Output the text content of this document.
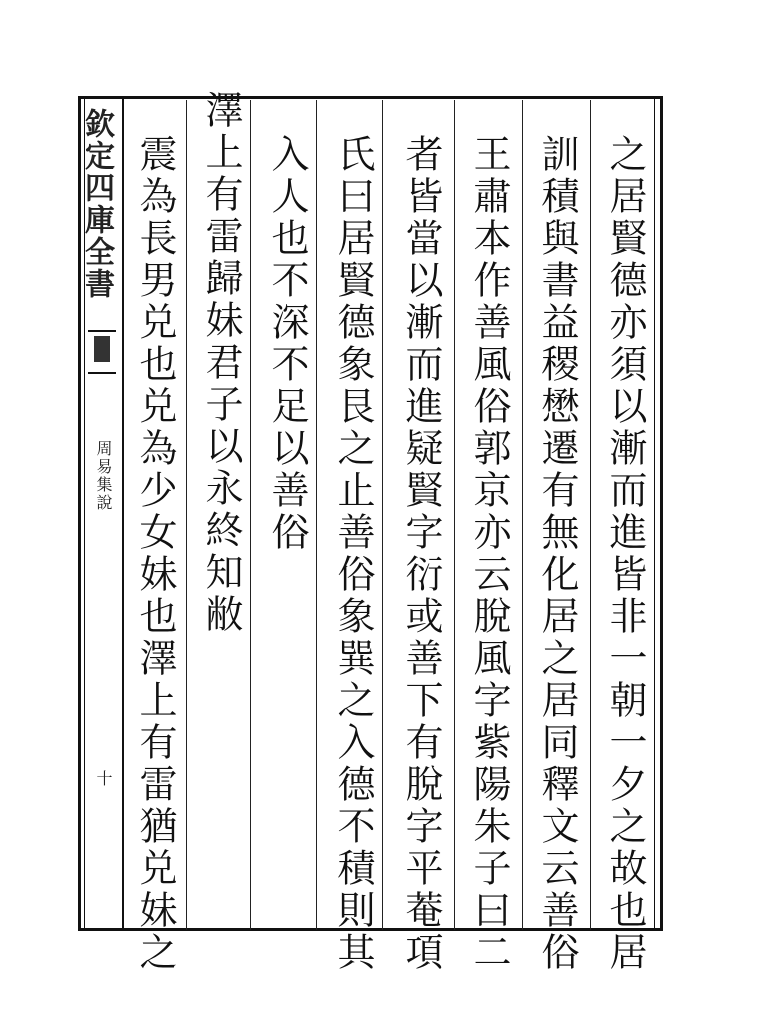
欽定四庫全書
周易集說
十	之居賢德亦須以漸而進皆非一朝一夕之故也居
訓積與書益稷懋遷有無化居之居同釋文云善俗
王肅本作善風俗郭京亦云脫風字紫陽朱子曰二
者皆當以漸而進疑賢字衍或善下有脫字平菴項
氏曰居賢德象艮之止善俗象巽之入德不積則其
入人也不深不足以善俗
澤上有雷歸妹君子以永終知敝
震為長男兑也兑為少女妹也澤上有雷猶兑妹之
